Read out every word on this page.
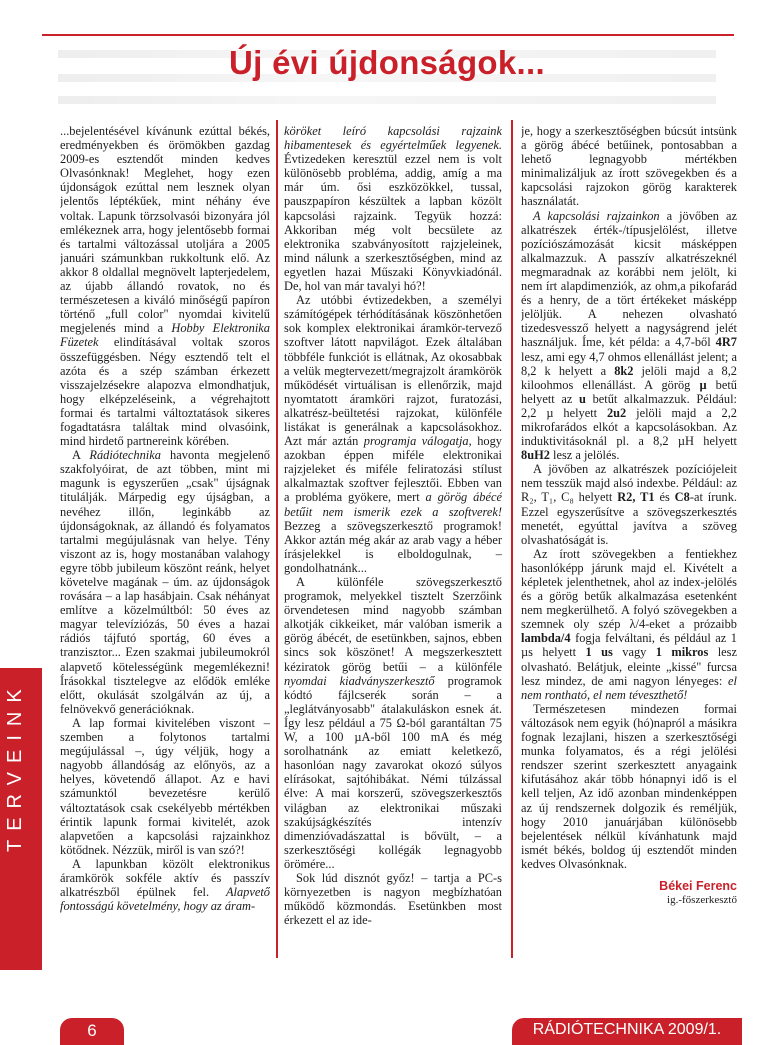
Új évi újdonságok...
TERVEINK

...bejelentésével kívánunk ezúttal békés, eredményekben és örömökben gazdag 2009-es esztendőt minden kedves Olvasónknak! Meglehet, hogy ezen újdonságok ezúttal nem lesznek olyan jelentős léptékűek, mint néhány éve voltak. Lapunk törzsolvasói bizonyára jól emlékeznek arra, hogy jelentősebb formai és tartalmi változással utoljára a 2005 januári számunkban rukkoltunk elő. Az akkor 8 oldallal megnövelt lapterjedelem, az újabb állandó rovatok, no és természetesen a kiváló minőségű papíron történő „full color" nyomdai kivitelű megjelenés mind a Hobby Elektronika Füzetek elindításával voltak szoros összefüggésben. Négy esztendő telt el azóta és a szép számban érkezett visszajelzésekre alapozva elmondhatjuk, hogy elképzeléseink, a végrehajtott formai és tartalmi változtatások sikeres fogadtatásra találtak mind olvasóink, mind hirdető partnereink körében.

A Rádiótechnika havonta megjelenő szakfolyóirat, de azt többen, mint mi magunk is egyszerűen „csak" újságnak titulálják. Márpedig egy újságban, a nevéhez illőn, leginkább az újdonságoknak, az állandó és folyamatos tartalmi megújulásnak van helye. Tény viszont az is, hogy mostanában valahogy egyre több jubileum köszönt reánk, helyet követelve magának – úm. az újdonságok rovására – a lap hasábjain. Csak néhányat említve a közelmúltból: 50 éves az magyar televíziózás, 50 éves a hazai rádiós tájfutó sportág, 60 éves a tranzisztor... Ezen szakmai jubileumokról alapvető kötelességünk megemlékezni! Írásokkal tisztelegve az elődök emléke előtt, okulását szolgálván az új, a felnövekvő generációknak.

A lap formai kivitelében viszont – szemben a folytonos tartalmi megújulással –, úgy véljük, hogy a nagyobb állandóság az előnyös, az a helyes, követendő állapot. Az e havi számunktól bevezetésre kerülő változtatások csak csekélyebb mértékben érintik lapunk formai kivitelét, azok alapvetően a kapcsolási rajzainkhoz kötődnek. Nézzük, miről is van szó?!

A lapunkban közölt elektronikus áramkörök sokféle aktív és passzív alkatrészből épülnek fel. Alapvető fontosságú követelmény, hogy az áram-

köröket leíró kapcsolási rajzaink hibamentesek és egyértelműek legyenek. Évtizedeken keresztül ezzel nem is volt különösebb probléma, addig, amíg a ma már úm. ősi eszközökkel, tussal, pauszpapíron készültek a lapban közölt kapcsolási rajzaink. Tegyük hozzá: Akkoriban még volt becsülete az elektronika szabványosított rajzjeleinek, mind nálunk a szerkesztőségben, mind az egyetlen hazai Műszaki Könyvkiadónál. De, hol van már tavalyi hó?!

Az utóbbi évtizedekben, a személyi számítógépek térhódításának köszönhetően sok komplex elektronikai áramkör-tervező szoftver látott napvilágot. Ezek általában többféle funkciót is ellátnak, Az okosabbak a velük megtervezett/megrajzolt áramkörök működését virtuálisan is ellenőrzik, majd nyomtatott áramköri rajzot, furatozási, alkatrész-beültetési rajzokat, különféle listákat is generálnak a kapcsolásokhoz. Azt már aztán programja válogatja, hogy azokban éppen miféle elektronikai rajzjeleket és miféle feliratozási stílust alkalmaztak szoftver fejlesztői. Ebben van a probléma gyökere, mert a görög ábécé betűit nem ismerik ezek a szoftverek! Bezzeg a szövegszerkesztő programok! Akkor aztán még akár az arab vagy a héber írásjelekkel is elboldogulnak, – gondolhatnánk...

A különféle szövegszerkesztő programok, melyekkel tisztelt Szerzőink örvendetesen mind nagyobb számban alkotják cikkeiket, már valóban ismerik a görög ábécét, de esetünkben, sajnos, ebben sincs sok köszönet! A megszerkesztett kéziratok görög betűi – a különféle nyomdai kiadványszerkesztő programok kódtó fájlcserék során – a „leglátványosabb" átalakuláskon esnek át. Így lesz például a 75 Ω-ból garantáltan 75 W, a 100 µA-ből 100 mA és még sorolhatnánk az emiatt keletkező, hasonlóan nagy zavarokat okozó súlyos elírásokat, sajtóhibákat. Némi túlzással élve: A mai korszerű, szövegszerkesztős világban az elektronikai műszaki szakújságkészítés intenzív dimenzióvadászattal is bővült, – a szerkesztőségi kollégák legnagyobb örömére...

Sok lúd disznót győz! – tartja a PC-s környezetben is nagyon megbízhatóan működő közmondás. Esetünkben most érkezett el az ide-

je, hogy a szerkesztőségben búcsút intsünk a görög ábécé betűinek, pontosabban a lehető legnagyobb mértékben minimalizáljuk az írott szövegekben és a kapcsolási rajzokon görög karakterek használatát.

A kapcsolási rajzainkon a jövőben az alkatrészek érték-/típusjelölést, illetve pozíciószámozását kicsit másképpen alkalmazzuk. A passzív alkatrészeknél megmaradnak az korábbi nem jelölt, ki nem írt alapdimenziók, az ohm,a pikofarád és a henry, de a tört értékeket másképp jelöljük. A nehezen olvasható tizedesvessző helyett a nagyságrend jelét használjuk. Íme, két példa: a 4,7-ből 4R7 lesz, ami egy 4,7 ohmos ellenállást jelent; a 8,2 k helyett a 8k2 jelöli majd a 8,2 kiloohmos ellenállást. A görög µ betű helyett az u betűt alkalmazzuk. Például: 2,2 µ helyett 2u2 jelöli majd a 2,2 mikrofarádos elkót a kapcsolásokban. Az induktivitásoknál pl. a 8,2 µH helyett 8uH2 lesz a jelölés.

A jövőben az alkatrészek pozíciójeleit nem tesszük majd alsó indexbe. Például: az R₂, T₁, C₈ helyett R2, T1 és C8-at írunk. Ezzel egyszerűsítve a szövegszerkesztés menetét, egyúttal javítva a szöveg olvashatóságát is.

Az írott szövegekben a fentiekhez hasonlóképp járunk majd el. Kivételt a képletek jelenthetnek, ahol az index-jelölés és a görög betűk alkalmazása esetenként nem megkerülhető. A folyó szövegekben a szemnek oly szép λ/4-eket a prózaibb lambda/4 fogja felváltani, és például az 1 µs helyett 1 us vagy 1 mikros lesz olvasható. Belátjuk, eleinte „kissé" furcsa lesz mindez, de ami nagyon lényeges: el nem rontható, el nem téveszthető!

Természetesen mindezen formai változások nem egyik (hó)napról a másikra fognak lezajlani, hiszen a szerkesztőségi munka folyamatos, és a régi jelölési rendszer szerint szerkesztett anyagaink kifutásához akár több hónapnyi idő is el kell teljen, Az idő azonban mindenképpen az új rendszernek dolgozik és reméljük, hogy 2010 januárjában különösebb bejelentések nélkül kívánhatunk majd ismét békés, boldog új esztendőt minden kedves Olvasónknak.

Békei Ferenc
ig.-főszerkesztő
6	RÁDIÓTECHNIKA 2009/1.
